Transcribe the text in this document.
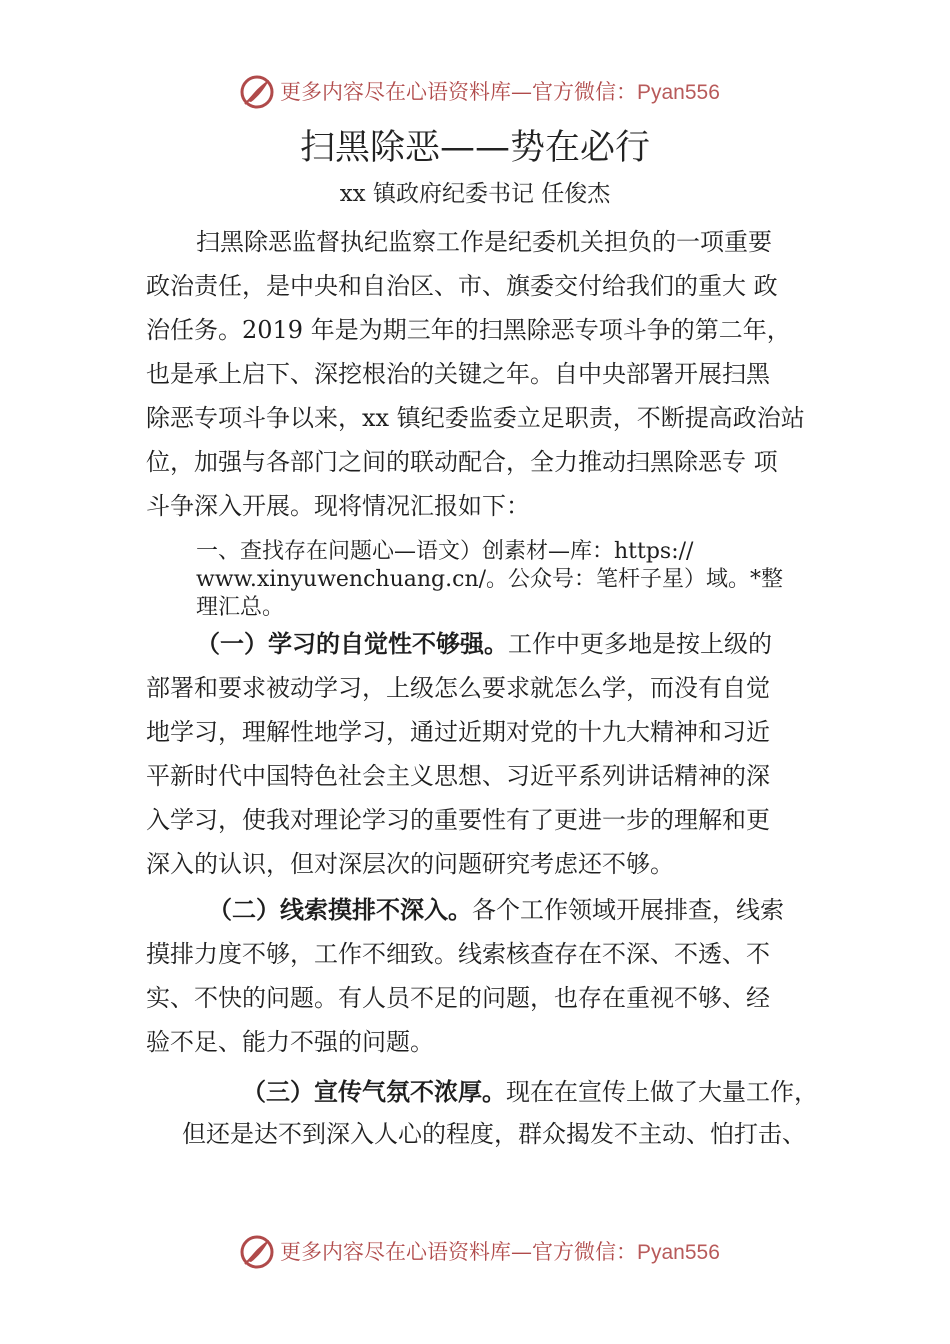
更多内容尽在心语资料库—官方微信：Pyan556
扫黑除恶——势在必行
xx 镇政府纪委书记 任俊杰
扫黑除恶监督执纪监察工作是纪委机关担负的一项重要
政治责任，是中央和自治区、市、旗委交付给我们的重大 政
治任务。2019 年是为期三年的扫黑除恶专项斗争的第二年，
也是承上启下、深挖根治的关键之年。自中央部署开展扫黑
除恶专项斗争以来，xx 镇纪委监委立足职责，不断提高政治站
位，加强与各部门之间的联动配合，全力推动扫黑除恶专 项
斗争深入开展。现将情况汇报如下：
一、查找存在问题心—语文）创素材—库：https://
www.xinyuwenchuang.cn/。公众号：笔杆子星）域。*整
理汇总。
（一）学习的自觉性不够强。工作中更多地是按上级的
部署和要求被动学习，上级怎么要求就怎么学，而没有自觉
地学习，理解性地学习，通过近期对党的十九大精神和习近
平新时代中国特色社会主义思想、习近平系列讲话精神的深
入学习，使我对理论学习的重要性有了更进一步的理解和更
深入的认识，但对深层次的问题研究考虑还不够。
（二）线索摸排不深入。各个工作领域开展排查，线索
摸排力度不够，工作不细致。线索核查存在不深、不透、不
实、不快的问题。有人员不足的问题，也存在重视不够、经
验不足、能力不强的问题。
（三）宣传气氛不浓厚。现在在宣传上做了大量工作，
但还是达不到深入人心的程度，群众揭发不主动、怕打击、
更多内容尽在心语资料库—官方微信：Pyan556
